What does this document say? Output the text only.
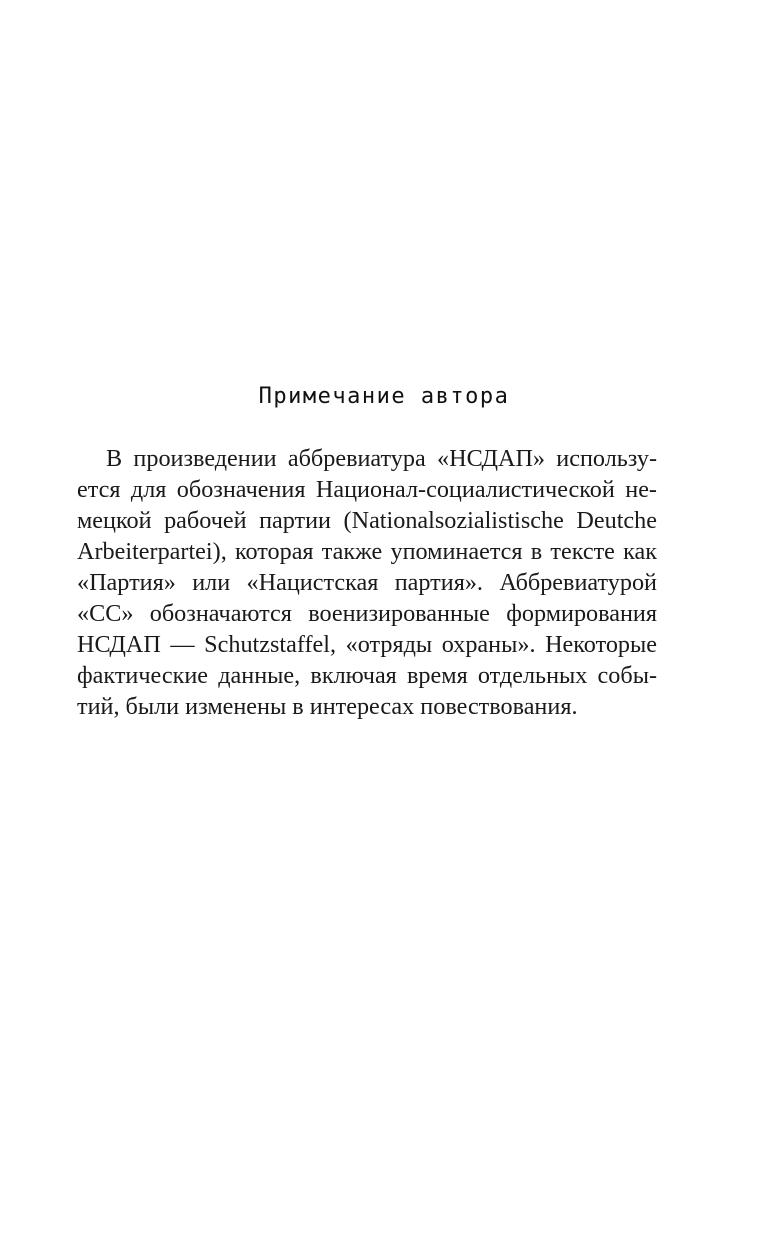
Примечание автора
В произведении аббревиатура «НСДАП» использу-
ется для обозначения Национал-социалистической не-
мецкой рабочей партии (Nationalsozialistische Deutche
Arbeiterpartei), которая также упоминается в тексте как
«Партия» или «Нацистская партия». Аббревиатурой
«СС» обозначаются военизированные формирования
НСДАП — Schutzstaffel, «отряды охраны». Некоторые
фактические данные, включая время отдельных собы-
тий, были изменены в интересах повествования.
